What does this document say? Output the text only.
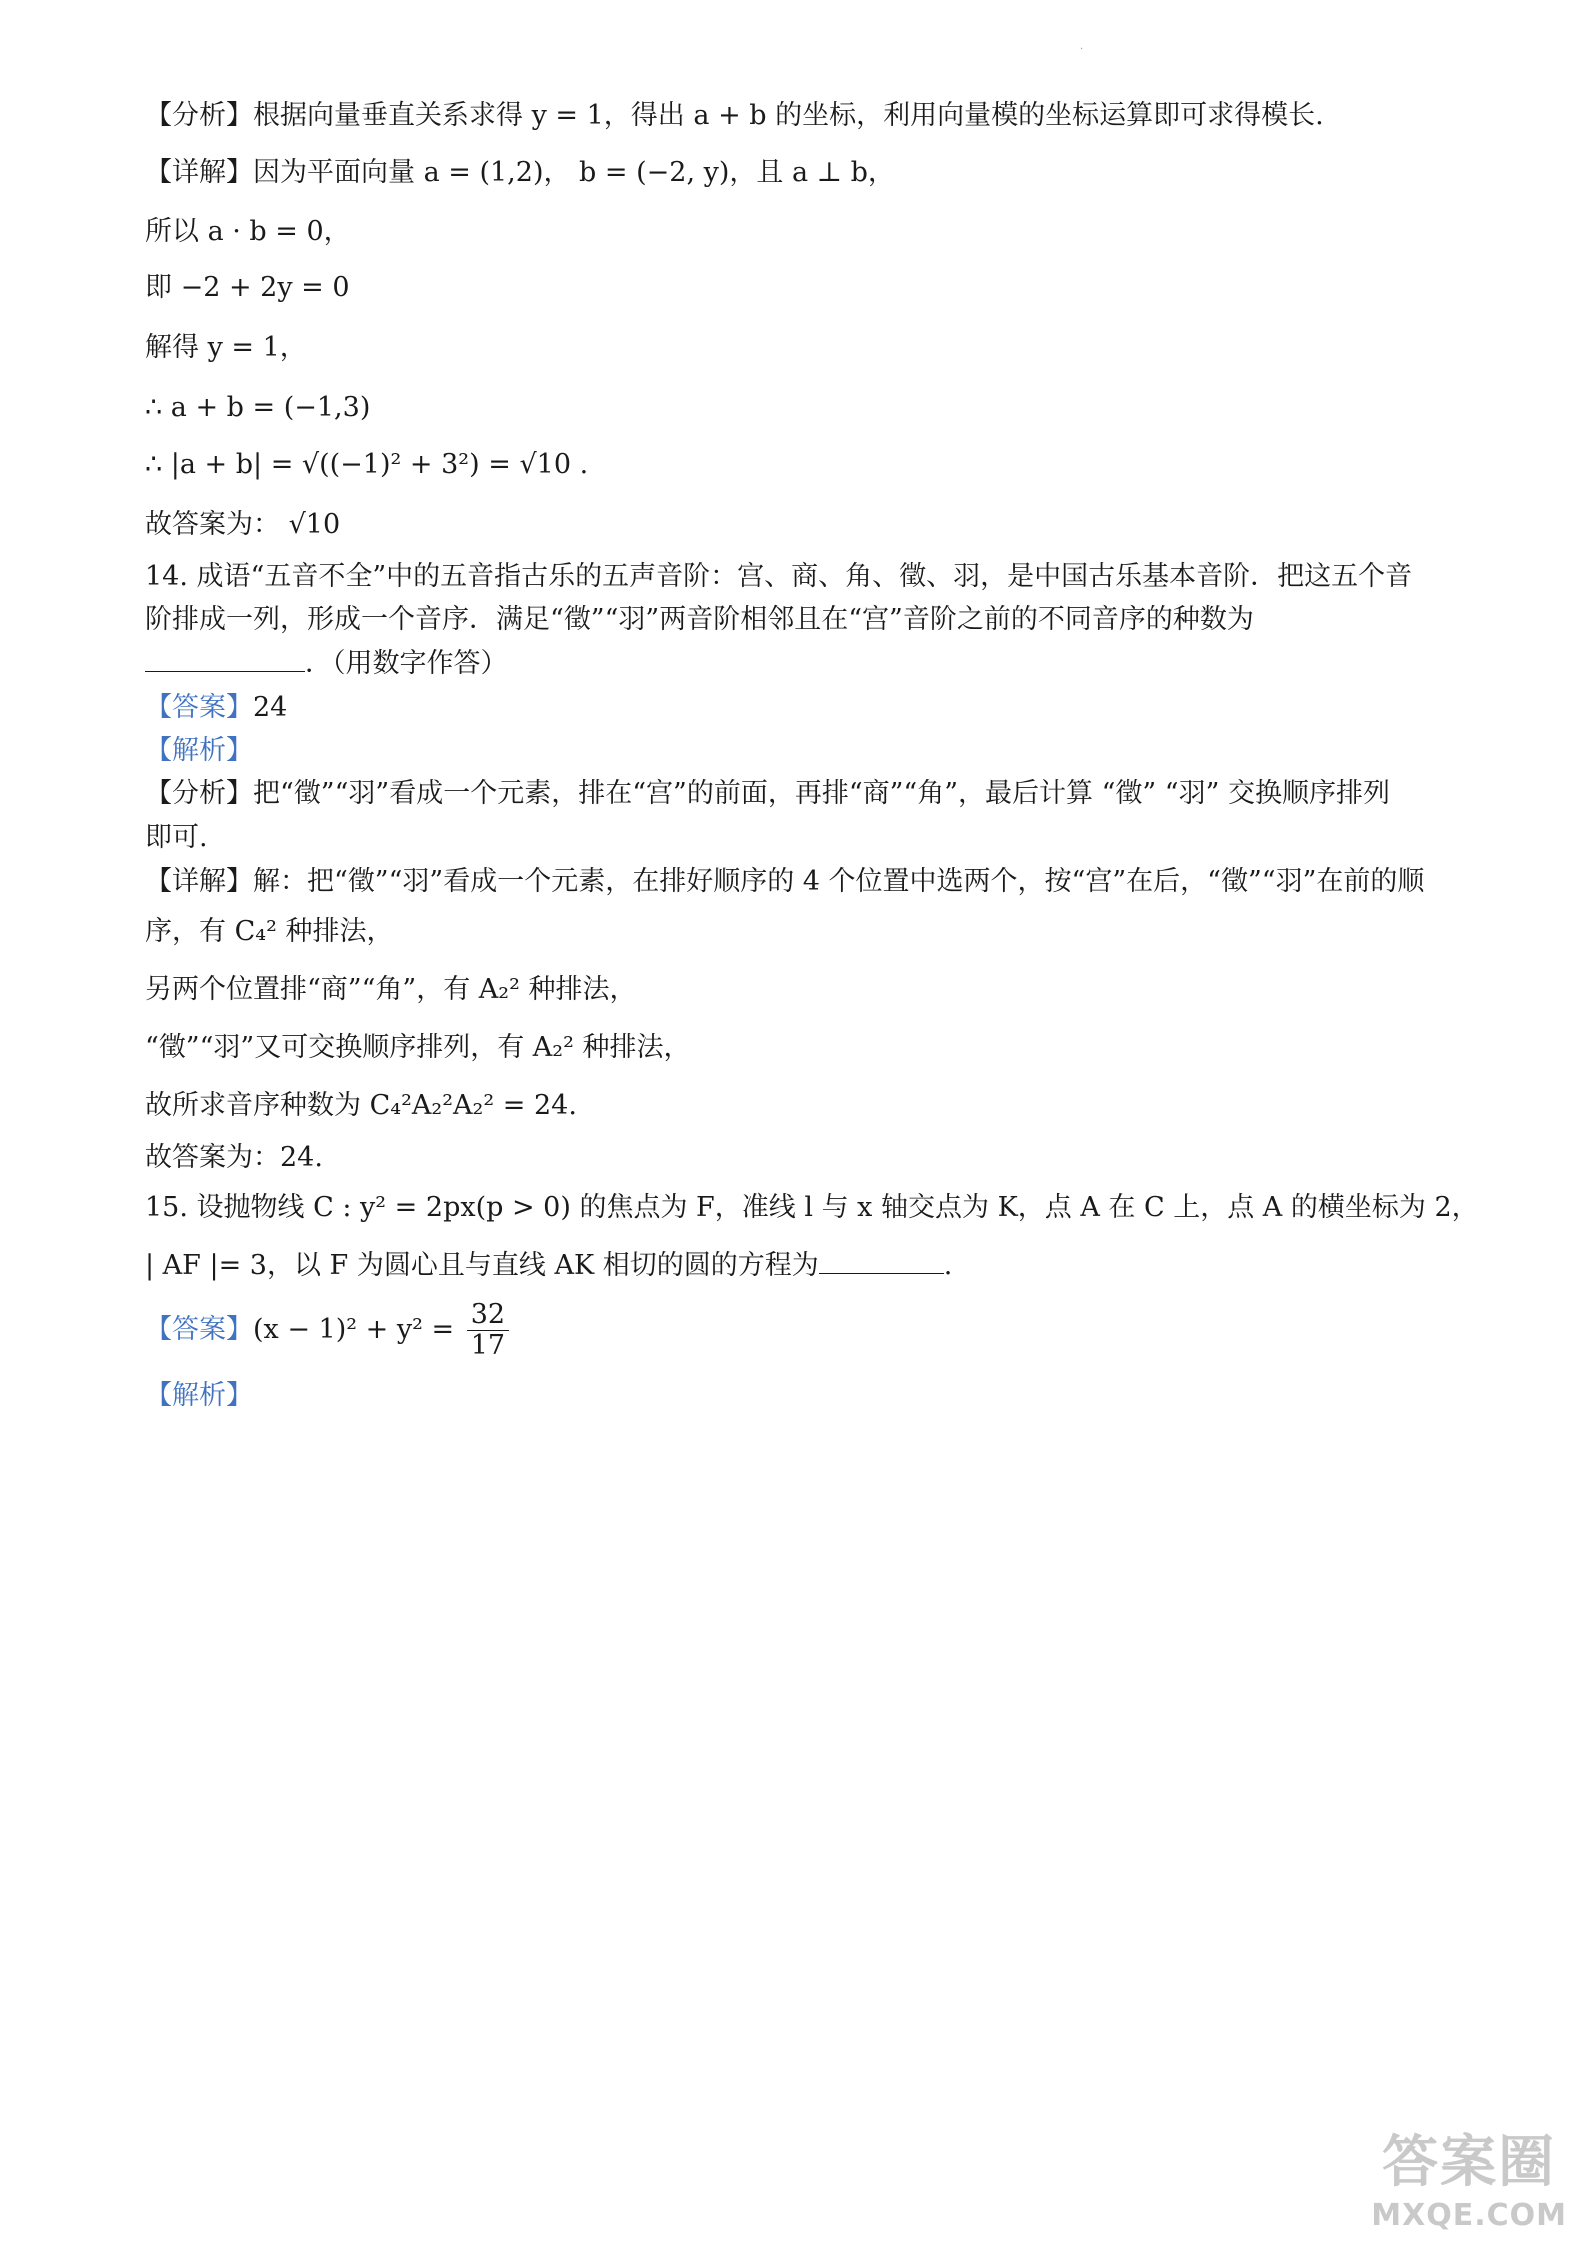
·
【分析】根据向量垂直关系求得 y = 1，得出 a + b 的坐标，利用向量模的坐标运算即可求得模长.
【详解】因为平面向量 a = (1,2)， b = (−2, y)，且 a ⊥ b，
所以 a · b = 0，
即 −2 + 2y = 0
解得 y = 1，
∴ a + b = (−1,3)
∴ |a + b| = √((−1)² + 3²) = √10 .
故答案为： √10
14. 成语“五音不全”中的五音指古乐的五声音阶：宫、商、角、徵、羽，是中国古乐基本音阶．把这五个音
阶排成一列，形成一个音序．满足“徵”“羽”两音阶相邻且在“宫”音阶之前的不同音序的种数为
．（用数字作答）
【答案】24
【解析】
【分析】把“徵”“羽”看成一个元素，排在“宫”的前面，再排“商”“角”，最后计算 “徵” “羽” 交换顺序排列
即可.
【详解】解：把“徵”“羽”看成一个元素，在排好顺序的 4 个位置中选两个，按“宫”在后，“徵”“羽”在前的顺
序，有 C₄² 种排法，
另两个位置排“商”“角”，有 A₂² 种排法，
“徵”“羽”又可交换顺序排列，有 A₂² 种排法，
故所求音序种数为 C₄²A₂²A₂² = 24.
故答案为：24.
15. 设抛物线 C : y² = 2px(p > 0) 的焦点为 F，准线 l 与 x 轴交点为 K，点 A 在 C 上，点 A 的横坐标为 2，
| AF |= 3，以 F 为圆心且与直线 AK 相切的圆的方程为	.
【答案】$(x - 1)^2 + y^2 = \frac{32}{17}$
【解析】
答案圈
MXQE.COM
